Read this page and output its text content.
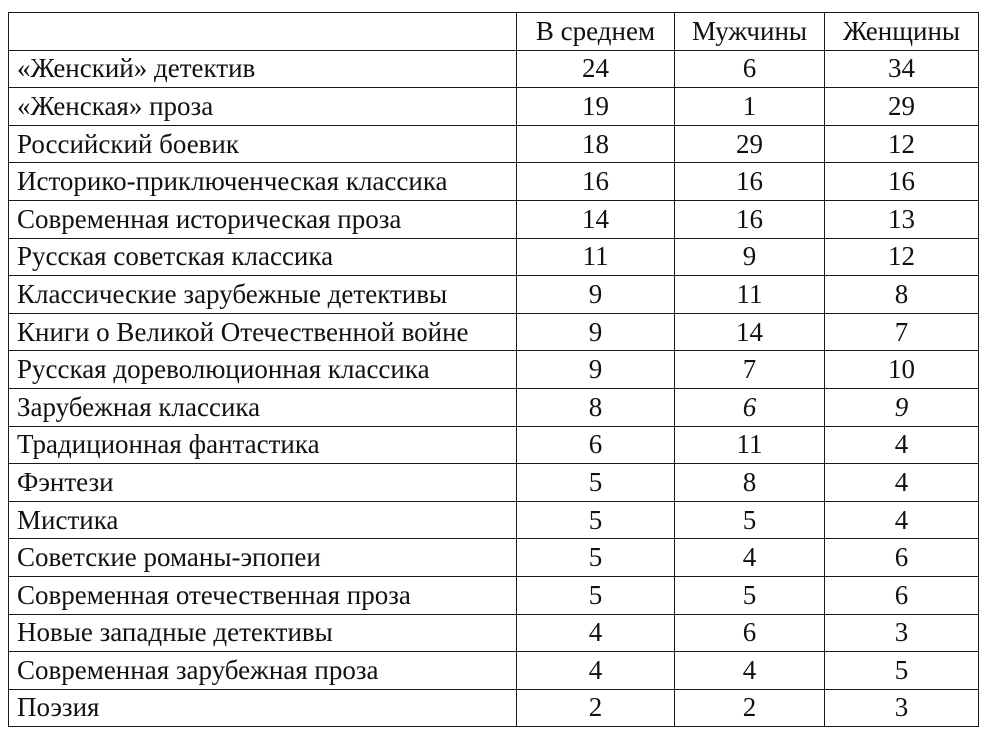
	В среднем	Мужчины	Женщины
«Женский» детектив	24	6	34
«Женская» проза	19	1	29
Российский боевик	18	29	12
Историко-приключенческая классика	16	16	16
Современная историческая проза	14	16	13
Русская советская классика	11	9	12
Классические зарубежные детективы	9	11	8
Книги о Великой Отечественной войне	9	14	7
Русская дореволюционная классика	9	7	10
Зарубежная классика	8	6	9
Традиционная фантастика	6	11	4
Фэнтези	5	8	4
Мистика	5	5	4
Советские романы-эпопеи	5	4	6
Современная отечественная проза	5	5	6
Новые западные детективы	4	6	3
Современная зарубежная проза	4	4	5
Поэзия	2	2	3
